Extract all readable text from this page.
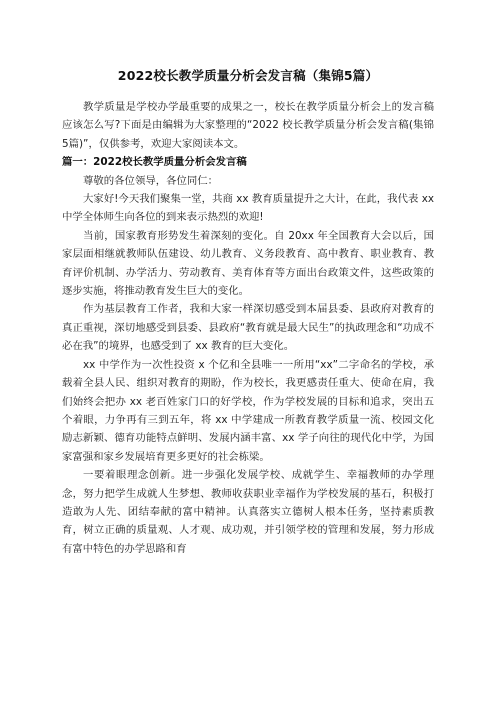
2022校长教学质量分析会发言稿（集锦5篇）

教学质量是学校办学最重要的成果之一，校长在教学质量分析会上的发言稿应该怎么写?下面是由编辑为大家整理的“2022 校长教学质量分析会发言稿(集锦5篇)”，仅供参考，欢迎大家阅读本文。

篇一：2022校长教学质量分析会发言稿

尊敬的各位领导，各位同仁：

大家好!今天我们聚集一堂，共商 xx 教育质量提升之大计，在此，我代表 xx 中学全体师生向各位的到来表示热烈的欢迎!

当前，国家教育形势发生着深刻的变化。自 20xx 年全国教育大会以后，国家层面相继就教师队伍建设、幼儿教育、义务段教育、高中教育、职业教育、教育评价机制、办学活力、劳动教育、美育体育等方面出台政策文件，这些政策的逐步实施，将推动教育发生巨大的变化。

作为基层教育工作者，我和大家一样深切感受到本届县委、县政府对教育的真正重视，深切地感受到县委、县政府“教育就是最大民生”的执政理念和“功成不必在我”的境界，也感受到了 xx 教育的巨大变化。

xx 中学作为一次性投资 x 个亿和全县唯一一所用“xx”二字命名的学校，承载着全县人民、组织对教育的期盼，作为校长，我更感责任重大、使命在肩，我们始终会把办 xx 老百姓家门口的好学校，作为学校发展的目标和追求，突出五个着眼，力争再有三到五年，将 xx 中学建成一所教育教学质量一流、校园文化励志新颖、德育功能特点鲜明、发展内涵丰富、xx 学子向往的现代化中学，为国家富强和家乡发展培育更多更好的社会栋梁。

一要着眼理念创新。进一步强化发展学校、成就学生、幸福教师的办学理念，努力把学生成就人生梦想、教师收获职业幸福作为学校发展的基石，积极打造敢为人先、团结奉献的富中精神。认真落实立德树人根本任务，坚持素质教育，树立正确的质量观、人才观、成功观，并引领学校的管理和发展，努力形成有富中特色的办学思路和育
